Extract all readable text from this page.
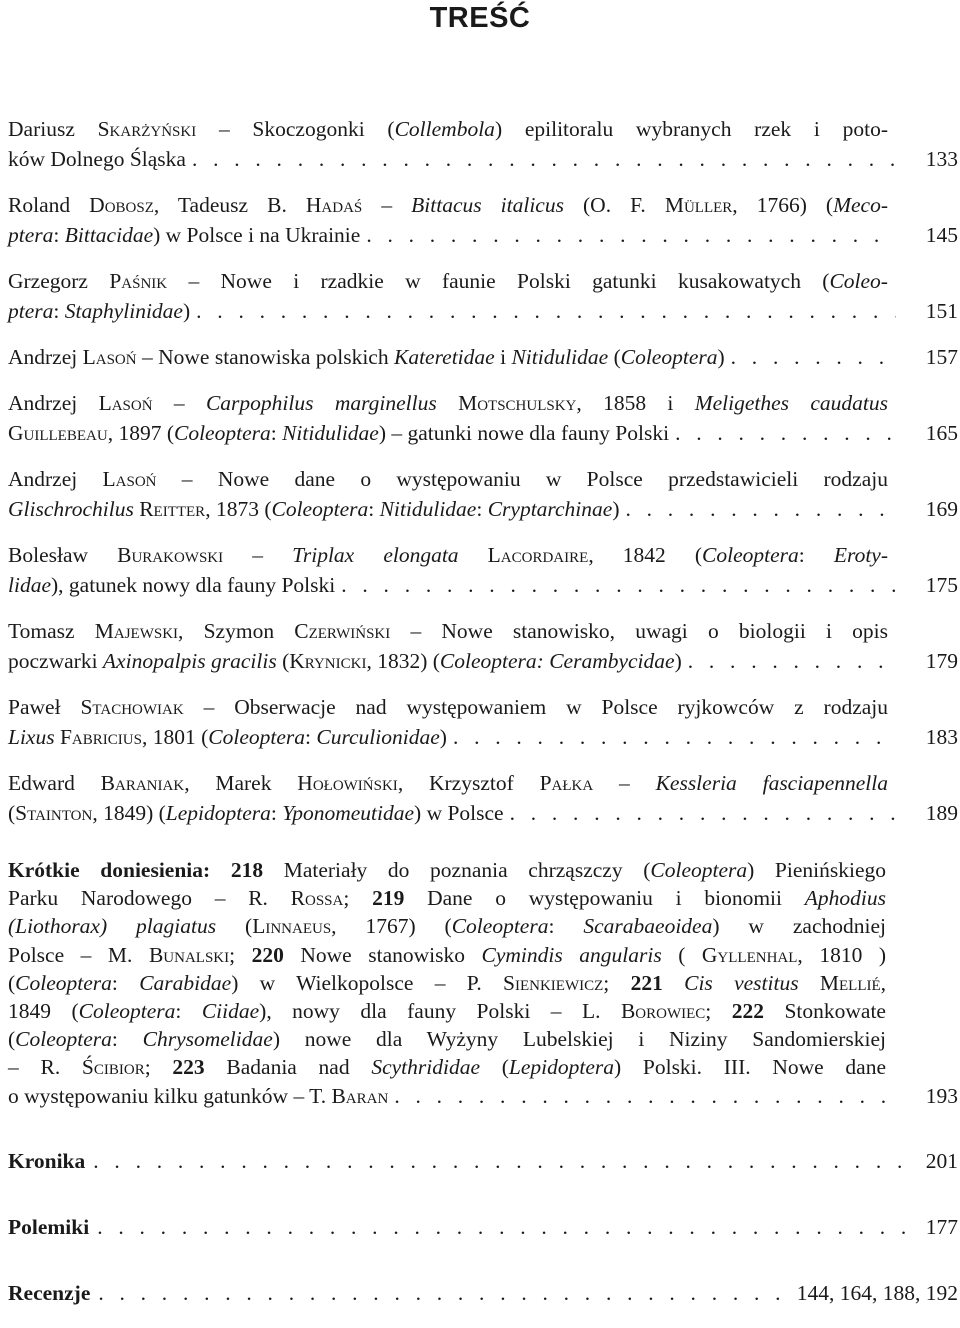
TREŚĆ
Dariusz Skarżyński – Skoczogonki (Collembola) epilitoralu wybranych rzek i poto-
ków Dolnego Śląska . . .	133
Roland Dobosz, Tadeusz B. Hadaś – Bittacus italicus (O. F. Müller, 1766) (Meco-
ptera: Bittacidae) w Polsce i na Ukrainie . . .	145
Grzegorz Paśnik – Nowe i rzadkie w faunie Polski gatunki kusakowatych (Coleo-
ptera: Staphylinidae) . . .	151
Andrzej Lasoń – Nowe stanowiska polskich Kateretidae i Nitidulidae (Coleoptera) . . .	157
Andrzej Lasoń – Carpophilus marginellus Motschulsky, 1858 i Meligethes caudatus
Guillebeau, 1897 (Coleoptera: Nitidulidae) – gatunki nowe dla fauny Polski . . .	165
Andrzej Lasoń – Nowe dane o występowaniu w Polsce przedstawicieli rodzaju
Glischrochilus Reitter, 1873 (Coleoptera: Nitidulidae: Cryptarchinae) . . .	169
Bolesław Burakowski – Triplax elongata Lacordaire, 1842 (Coleoptera: Eroty-
lidae), gatunek nowy dla fauny Polski . . .	175
Tomasz Majewski, Szymon Czerwiński – Nowe stanowisko, uwagi o biologii i opis
poczwarki Axinopalpis gracilis (Krynicki, 1832) (Coleoptera: Cerambycidae) . . .	179
Paweł Stachowiak – Obserwacje nad występowaniem w Polsce ryjkowców z rodzaju
Lixus Fabricius, 1801 (Coleoptera: Curculionidae) . . .	183
Edward Baraniak, Marek Hołowiński, Krzysztof Pałka – Kessleria fasciapennella
(Stainton, 1849) (Lepidoptera: Yponomeutidae) w Polsce . . .	189
Krótkie doniesienia: 218 Materiały do poznania chrząszczy (Coleoptera) Pienińskiego
Parku Narodowego – R. Rossa; 219 Dane o występowaniu i bionomii Aphodius
(Liothorax) plagiatus (Linnaeus, 1767) (Coleoptera: Scarabaeoidea) w zachodniej
Polsce – M. Bunalski; 220 Nowe stanowisko Cymindis angularis ( Gyllenhal, 1810 )
(Coleoptera: Carabidae) w Wielkopolsce – P. Sienkiewicz; 221 Cis vestitus Mellié,
1849 (Coleoptera: Ciidae), nowy dla fauny Polski – L. Borowiec; 222 Stonkowate
(Coleoptera: Chrysomelidae) nowe dla Wyżyny Lubelskiej i Niziny Sandomierskiej
– R. Ścibior; 223 Badania nad Scythrididae (Lepidoptera) Polski. III. Nowe dane
o występowaniu kilku gatunków – T. Baran . . .	193
Kronika . . .	201
Polemiki . . .	177
Recenzje . . .	144, 164, 188, 192
